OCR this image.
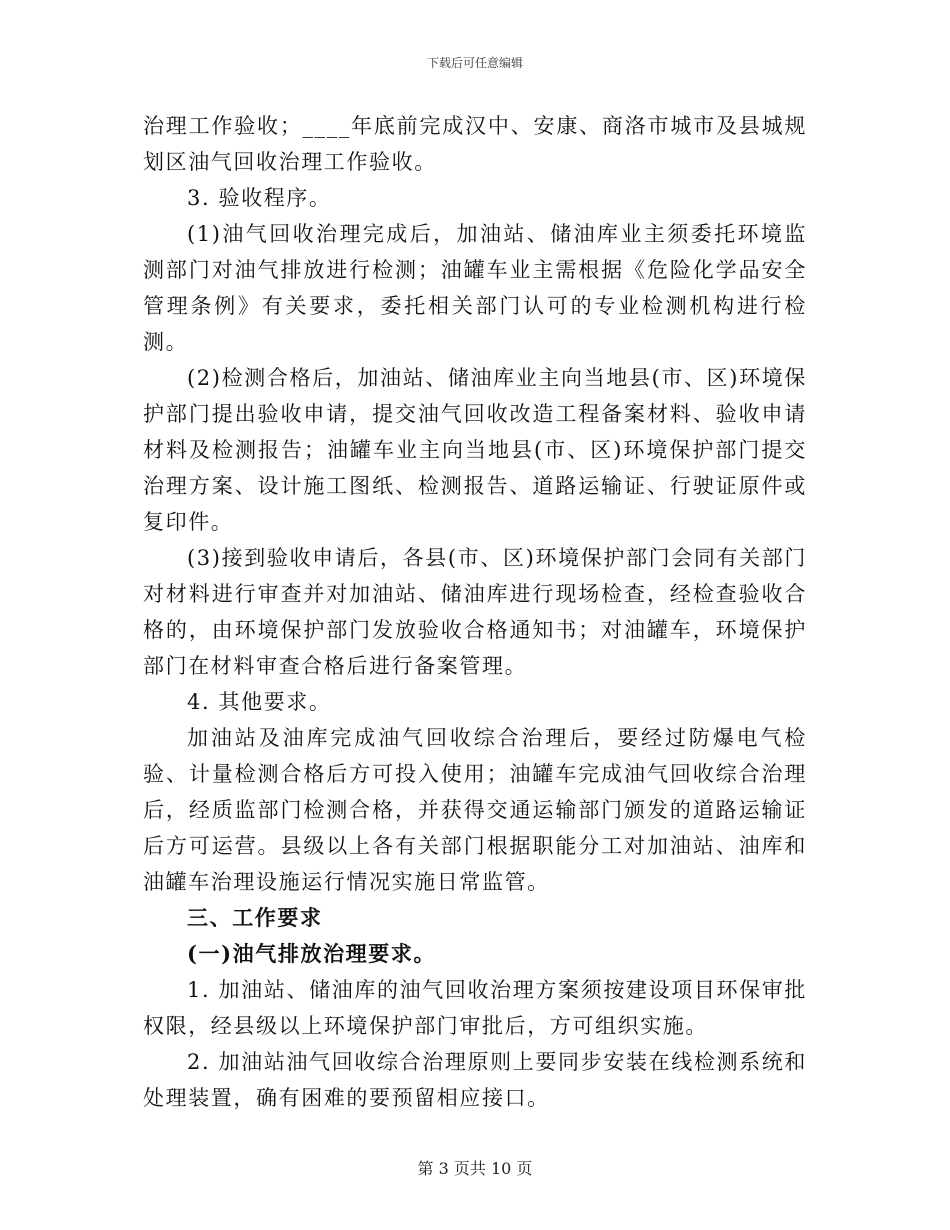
下载后可任意编辑

治理工作验收；____年底前完成汉中、安康、商洛市城市及县城规划区油气回收治理工作验收。

3. 验收程序。

(1)油气回收治理完成后，加油站、储油库业主须委托环境监测部门对油气排放进行检测；油罐车业主需根据《危险化学品安全管理条例》有关要求，委托相关部门认可的专业检测机构进行检测。

(2)检测合格后，加油站、储油库业主向当地县(市、区)环境保护部门提出验收申请，提交油气回收改造工程备案材料、验收申请材料及检测报告；油罐车业主向当地县(市、区)环境保护部门提交治理方案、设计施工图纸、检测报告、道路运输证、行驶证原件或复印件。

(3)接到验收申请后，各县(市、区)环境保护部门会同有关部门对材料进行审查并对加油站、储油库进行现场检查，经检查验收合格的，由环境保护部门发放验收合格通知书；对油罐车，环境保护部门在材料审查合格后进行备案管理。

4. 其他要求。

加油站及油库完成油气回收综合治理后，要经过防爆电气检验、计量检测合格后方可投入使用；油罐车完成油气回收综合治理后，经质监部门检测合格，并获得交通运输部门颁发的道路运输证后方可运营。县级以上各有关部门根据职能分工对加油站、油库和油罐车治理设施运行情况实施日常监管。

三、工作要求

(一)油气排放治理要求。

1. 加油站、储油库的油气回收治理方案须按建设项目环保审批权限，经县级以上环境保护部门审批后，方可组织实施。

2. 加油站油气回收综合治理原则上要同步安装在线检测系统和处理装置，确有困难的要预留相应接口。

第 3 页共 10 页
